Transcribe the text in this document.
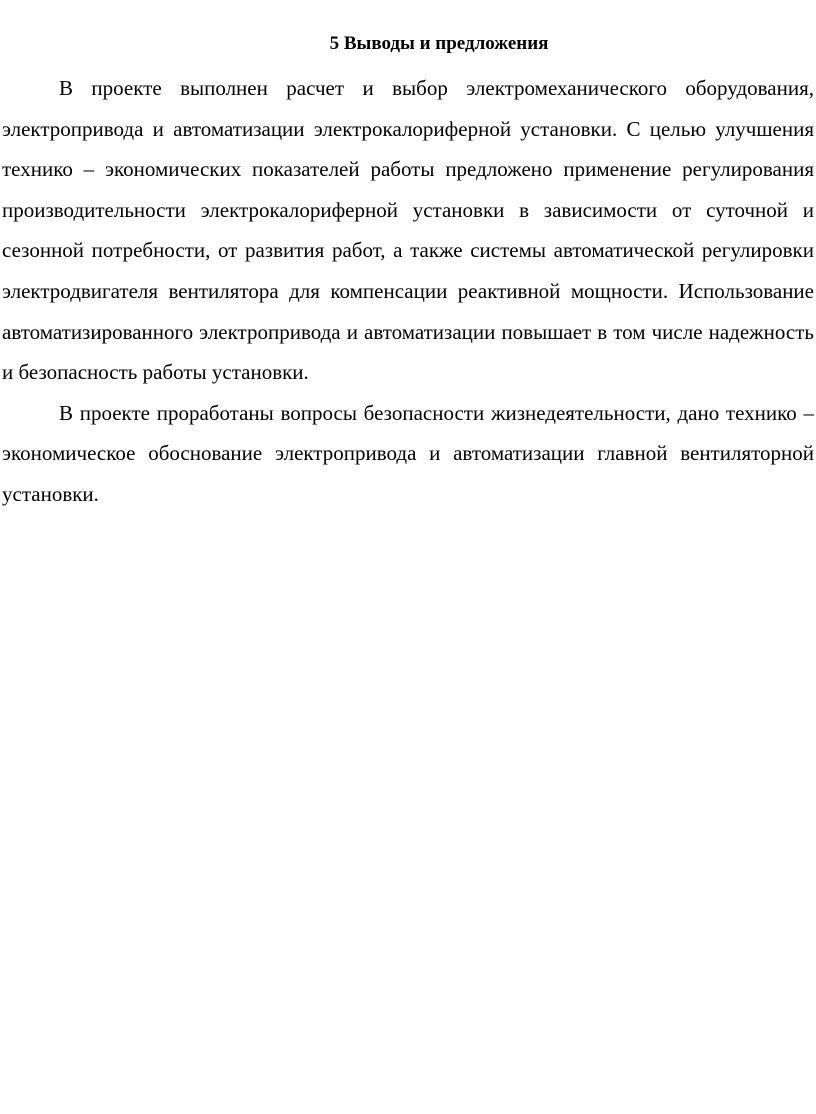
5 Выводы и предложения

В проекте выполнен расчет и выбор электромеханического оборудования, электропривода и автоматизации электрокалориферной установки. С целью улучшения технико – экономических показателей работы предложено применение регулирования производительности электрокалориферной установки в зависимости от суточной и сезонной потребности, от развития работ, а также системы автоматической регулировки электродвигателя вентилятора для компенсации реактивной мощности. Использование автоматизированного электропривода и автоматизации повышает в том числе надежность и безопасность работы установки.

В проекте проработаны вопросы безопасности жизнедеятельности, дано технико – экономическое обоснование электропривода и автоматизации главной вентиляторной установки.
